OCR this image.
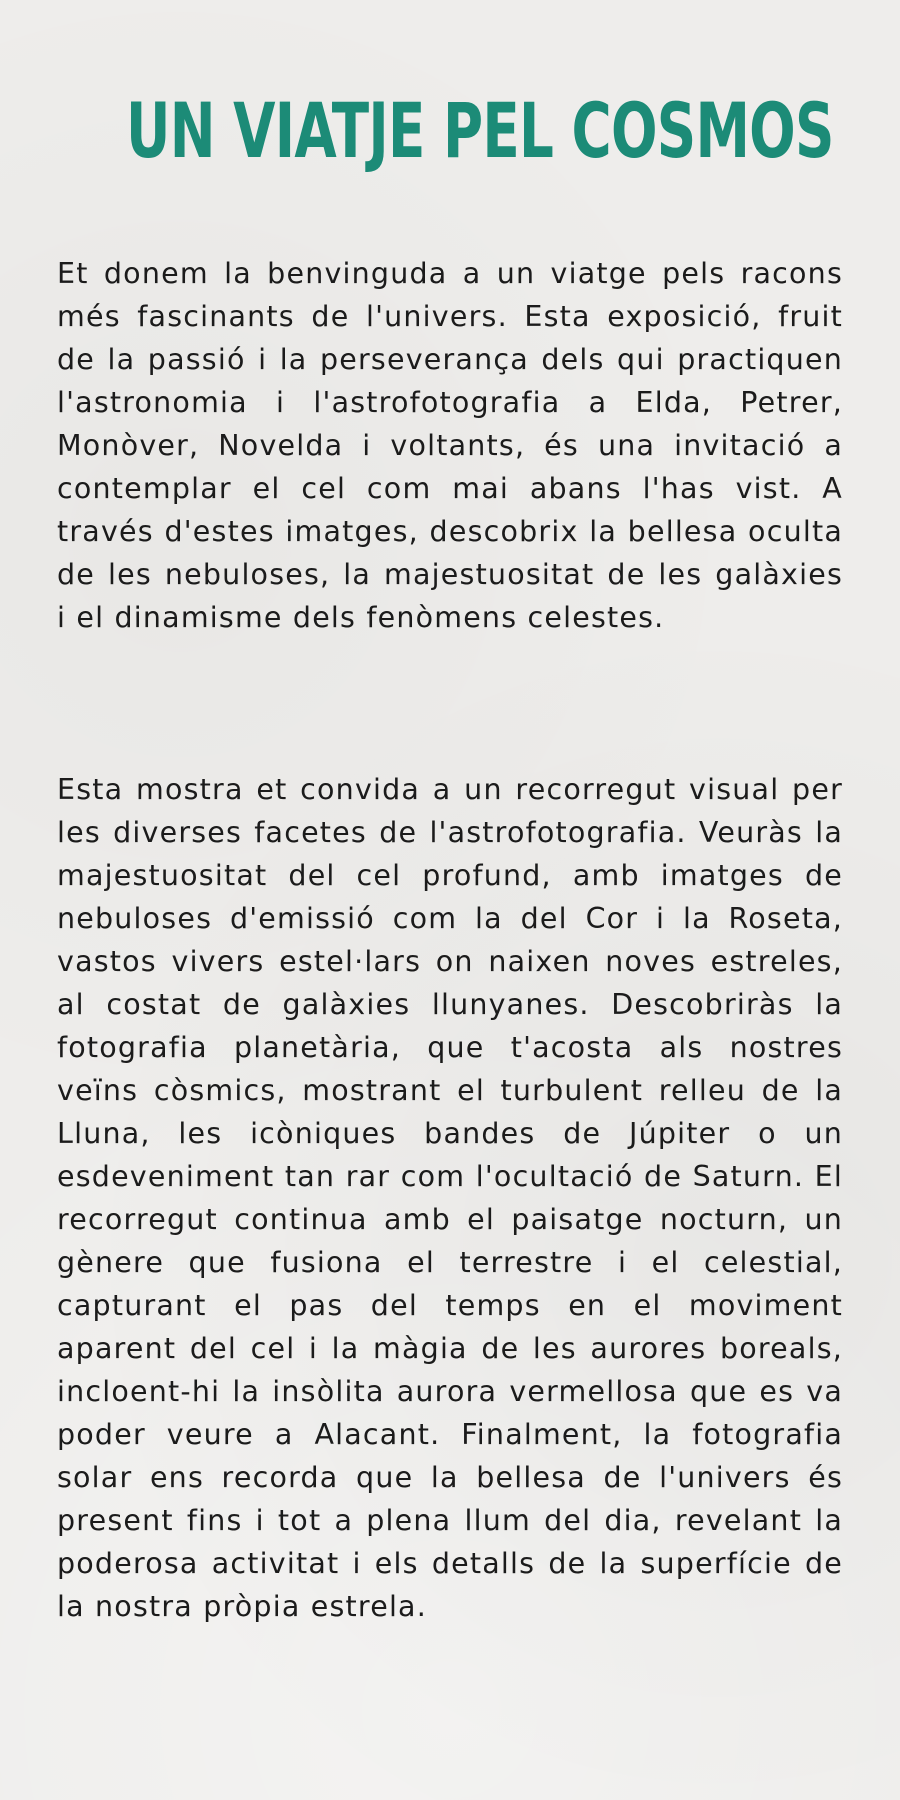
UN VIATJE PEL COSMOS

Et donem la benvinguda a un viatge pels racons més fascinants de l'univers. Esta exposició, fruit de la passió i la perseverança dels qui practiquen l'astronomia i l'astrofotografia a Elda, Petrer, Monòver, Novelda i voltants, és una invitació a contemplar el cel com mai abans l'has vist. A través d'estes imatges, descobrix la bellesa oculta de les nebuloses, la majestuositat de les galàxies i el dinamisme dels fenòmens celestes.

Esta mostra et convida a un recorregut visual per les diverses facetes de l'astrofotografia. Veuràs la majestuositat del cel profund, amb imatges de nebuloses d'emissió com la del Cor i la Roseta, vastos vivers estel·lars on naixen noves estreles, al costat de galàxies llunyanes. Descobriràs la fotografia planetària, que t'acosta als nostres veïns còsmics, mostrant el turbulent relleu de la Lluna, les icòniques bandes de Júpiter o un esdeveniment tan rar com l'ocultació de Saturn. El recorregut continua amb el paisatge nocturn, un gènere que fusiona el terrestre i el celestial, capturant el pas del temps en el moviment aparent del cel i la màgia de les aurores boreals, incloent-hi la insòlita aurora vermellosa que es va poder veure a Alacant. Finalment, la fotografia solar ens recorda que la bellesa de l'univers és present fins i tot a plena llum del dia, revelant la poderosa activitat i els detalls de la superfície de la nostra pròpia estrela.
